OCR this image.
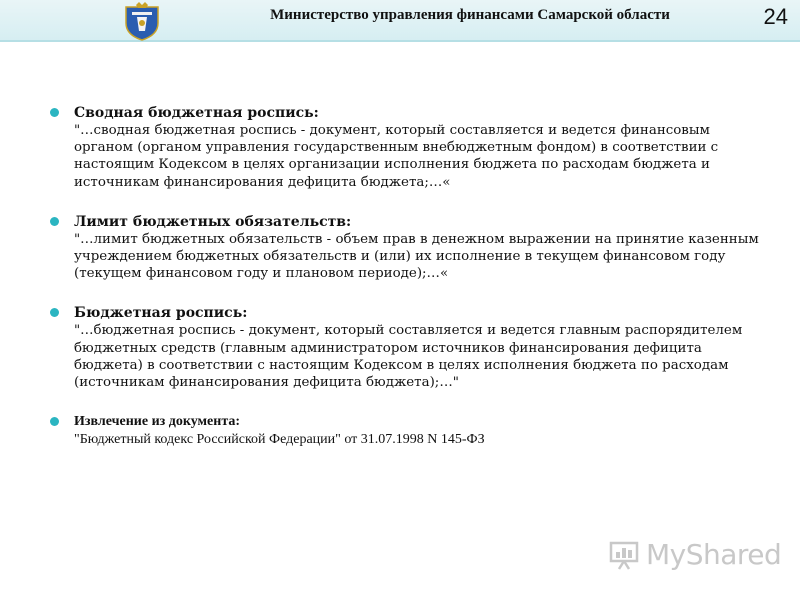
Министерство управления финансами Самарской области	24
Сводная бюджетная роспись:
"…сводная бюджетная роспись - документ, который составляется и ведется финансовым органом (органом управления государственным внебюджетным фондом) в соответствии с настоящим Кодексом в целях организации исполнения бюджета по расходам бюджета и источникам финансирования дефицита бюджета;…«
Лимит бюджетных обязательств:
"…лимит бюджетных обязательств - объем прав в денежном выражении на принятие казенным учреждением бюджетных обязательств и (или) их исполнение в текущем финансовом году (текущем финансовом году и плановом периоде);…«
Бюджетная роспись:
"…бюджетная роспись - документ, который составляется и ведется главным распорядителем бюджетных средств (главным администратором источников финансирования дефицита бюджета) в соответствии с настоящим Кодексом в целях исполнения бюджета по расходам (источникам финансирования дефицита бюджета);…"
Извлечение из документа:
"Бюджетный кодекс Российской Федерации" от 31.07.1998 N 145-ФЗ
MyShared
